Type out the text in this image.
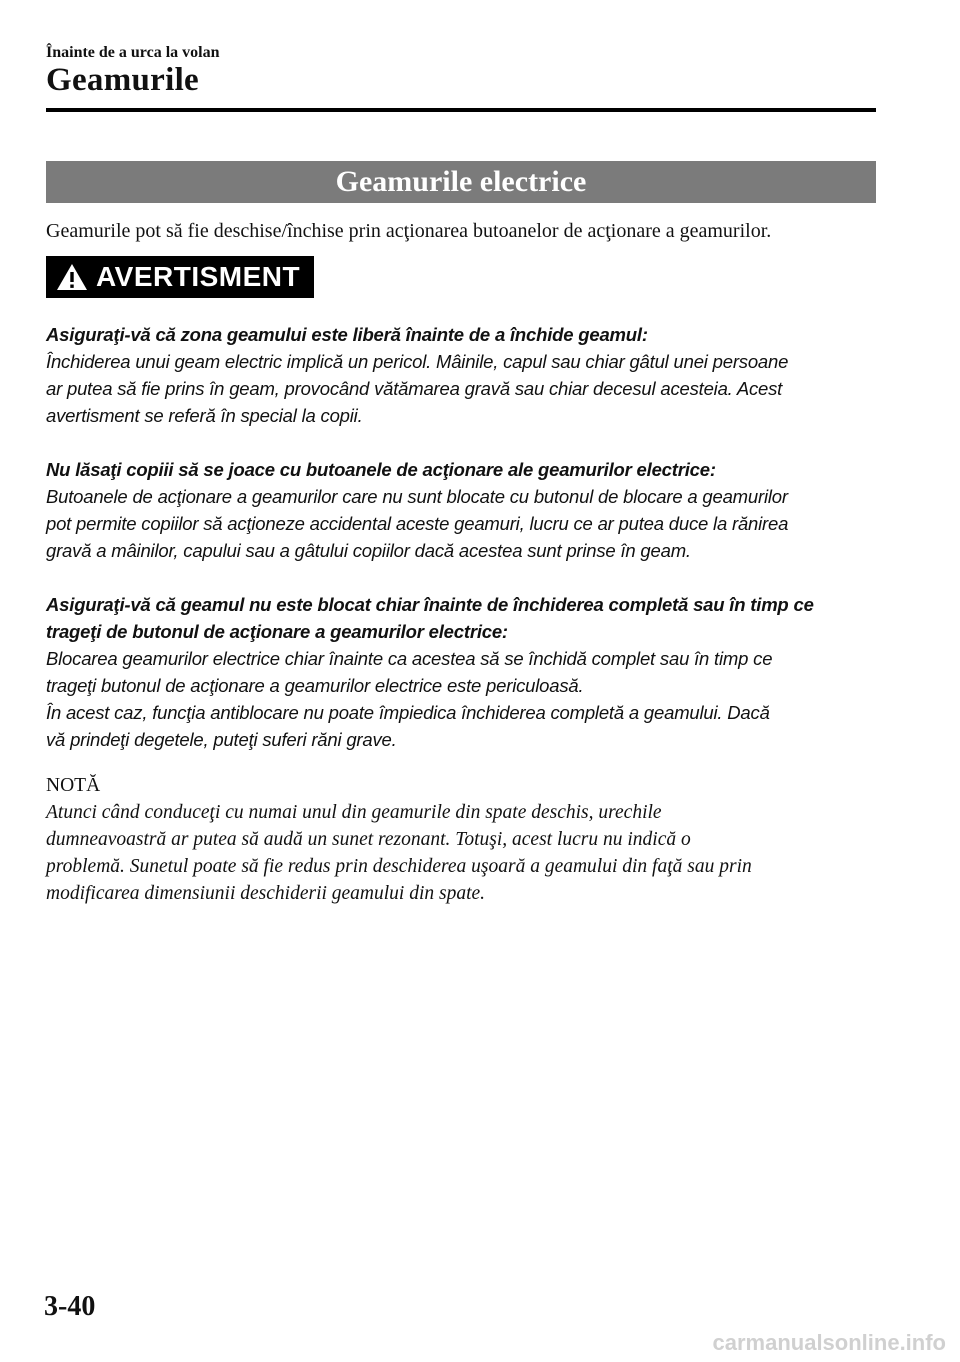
Înainte de a urca la volan
Geamurile
Geamurile electrice
Geamurile pot să fie deschise/închise prin acţionarea butoanelor de acţionare a geamurilor.
AVERTISMENT
Asiguraţi-vă că zona geamului este liberă înainte de a închide geamul:
Închiderea unui geam electric implică un pericol. Mâinile, capul sau chiar gâtul unei persoane
ar putea să fie prins în geam, provocând vătămarea gravă sau chiar decesul acesteia. Acest
avertisment se referă în special la copii.
Nu lăsaţi copiii să se joace cu butoanele de acţionare ale geamurilor electrice:
Butoanele de acţionare a geamurilor care nu sunt blocate cu butonul de blocare a geamurilor
pot permite copiilor să acţioneze accidental aceste geamuri, lucru ce ar putea duce la rănirea
gravă a mâinilor, capului sau a gâtului copiilor dacă acestea sunt prinse în geam.
Asiguraţi-vă că geamul nu este blocat chiar înainte de închiderea completă sau în timp ce
trageţi de butonul de acţionare a geamurilor electrice:
Blocarea geamurilor electrice chiar înainte ca acestea să se închidă complet sau în timp ce
trageţi butonul de acţionare a geamurilor electrice este periculoasă.
În acest caz, funcţia antiblocare nu poate împiedica închiderea completă a geamului. Dacă
vă prindeţi degetele, puteţi suferi răni grave.
NOTĂ
Atunci când conduceţi cu numai unul din geamurile din spate deschis, urechile
dumneavoastră ar putea să audă un sunet rezonant. Totuşi, acest lucru nu indică o
problemă. Sunetul poate să fie redus prin deschiderea uşoară a geamului din faţă sau prin
modificarea dimensiunii deschiderii geamului din spate.
3-40
carmanualsonline.info
